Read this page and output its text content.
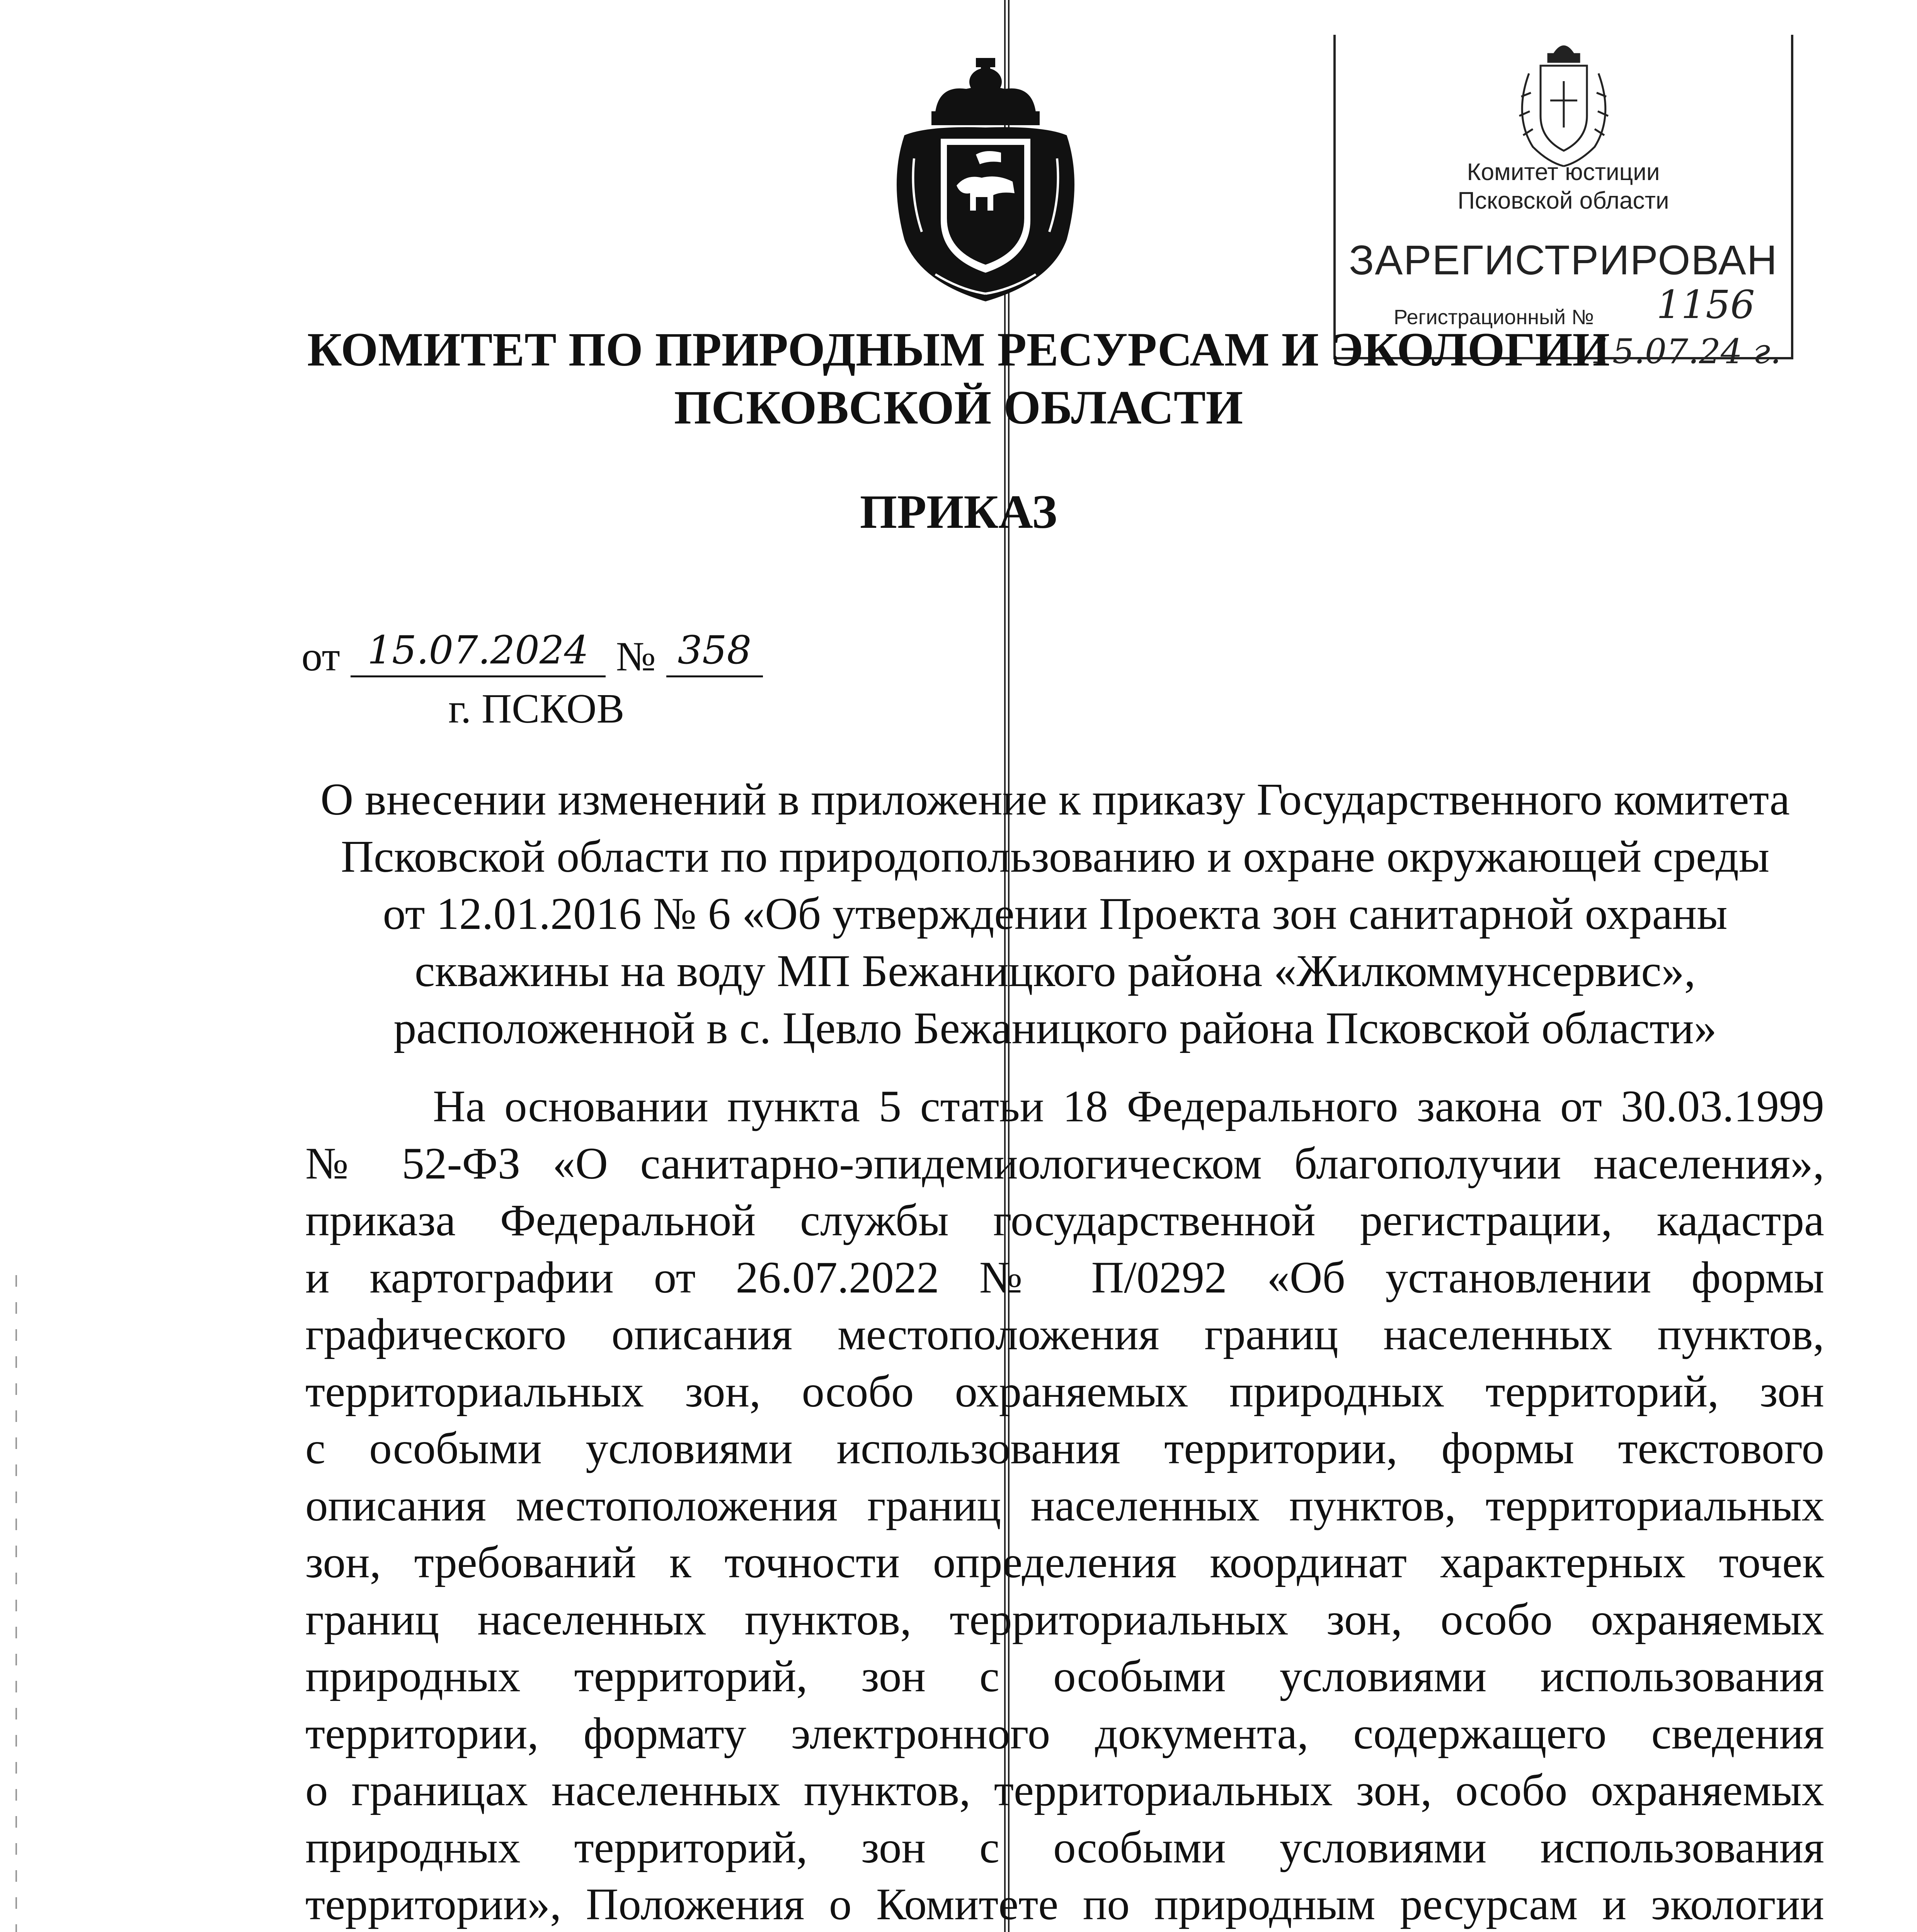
Комитет юстиции
Псковской области
ЗАРЕГИСТРИРОВАН
Регистрационный № 1156
15.07.24 г.
КОМИТЕТ ПО ПРИРОДНЫМ РЕСУРСАМ И ЭКОЛОГИИ
ПСКОВСКОЙ ОБЛАСТИ
ПРИКАЗ
от 15.07.2024 № 358
г. ПСКОВ
О внесении изменений в приложение к приказу Государственного комитета
Псковской области по природопользованию и охране окружающей среды
от 12.01.2016 № 6 «Об утверждении Проекта зон санитарной охраны
скважины на воду МП Бежаницкого района «Жилкоммунсервис»,
расположенной в с. Цевло Бежаницкого района Псковской области»
На основании пункта 5 статьи 18 Федерального закона от 30.03.1999
№ 52-ФЗ «О санитарно-эпидемиологическом благополучии населения»,
приказа Федеральной службы государственной регистрации, кадастра
и картографии от 26.07.2022 № П/0292 «Об установлении формы
графического описания местоположения границ населенных пунктов,
территориальных зон, особо охраняемых природных территорий, зон
с особыми условиями использования территории, формы текстового
описания местоположения границ населенных пунктов, территориальных
зон, требований к точности определения координат характерных точек
границ населенных пунктов, территориальных зон, особо охраняемых
природных территорий, зон с особыми условиями использования
территории, формату электронного документа, содержащего сведения
о границах населенных пунктов, территориальных зон, особо охраняемых
природных территорий, зон с особыми условиями использования
территории», Положения о Комитете по природным ресурсам и экологии
